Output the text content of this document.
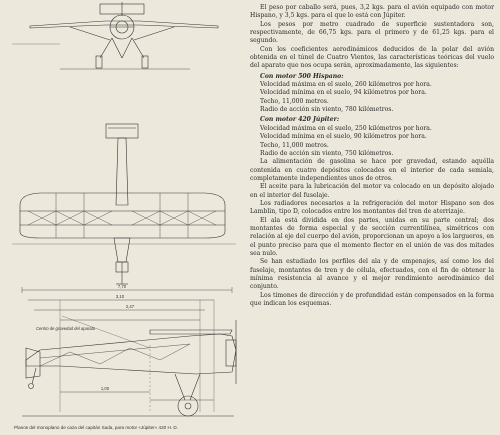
7,70
3,10
2,47
1,00
Centro de gravedad del aparato
Planos del monoplano de caza del capitán Sada, para motor «Júpiter» 420 H. D.

El peso por caballo será, pues, 3,2 kgs. para el avión equipado con motor Hispano, y 3,5 kgs. para el que lo está con Júpiter.

Los pesos por metro cuadrado de superficie sustentadora son, respectivamente, de 66,75 kgs. para el primero y de 61,25 kgs. para el segundo.

Con los coeficientes aerodinámicos deducidos de la polar del avión obtenida en el túnel de Cuatro Vientos, las características teóricas del vuelo del aparato que nos ocupa serán, aproximadamente, las siguientes:

Con motor 500 Hispano:

Velocidad máxima en el suelo, 260 kilómetros por hora.

Velocidad mínima en el suelo, 94 kilómetros por hora.

Techo, 11,000 metros.

Radio de acción sin viento, 780 kilómetros.

Con motor 420 Júpiter:

Velocidad máxima en el suelo, 250 kilómetros por hora.

Velocidad mínima en el suelo, 90 kilómetros por hora.

Techo, 11,000 metros.

Radio de acción sin viento, 750 kilómetros.

La alimentación de gasolina se hace por gravedad, estando aquélla contenida en cuatro depósitos colocados en el interior de cada semiala, completamente independientes unos de otros.

El aceite para la lubricación del motor va colocado en un depósito alojado en el interior del fuselaje.

Los radiadores necesarios a la refrigeración del motor Hispano son dos Lamblin, tipo D, colocados entre los montantes del tren de aterrizaje.

El ala está dividida en dos partes, unidas en su parte central; dos montantes de forma especial y de sección currentilínea, simétricos con relación al eje del cuerpo del avión, proporcionan un apoyo a los largueros, en el punto preciso para que el momento flector en el unión de vas dos mitades sea nulo.

Se han estudiado los perfiles del ala y de empenajes, así como los del fuselaje, montantes de tren y de célula, efectuados, con el fin de obtener la mínima resistencia al avance y el mejor rendimiento aerodinámico del conjunto.

Los timones de dirección y de profundidad están compensados en la forma que indican los esquemas.
